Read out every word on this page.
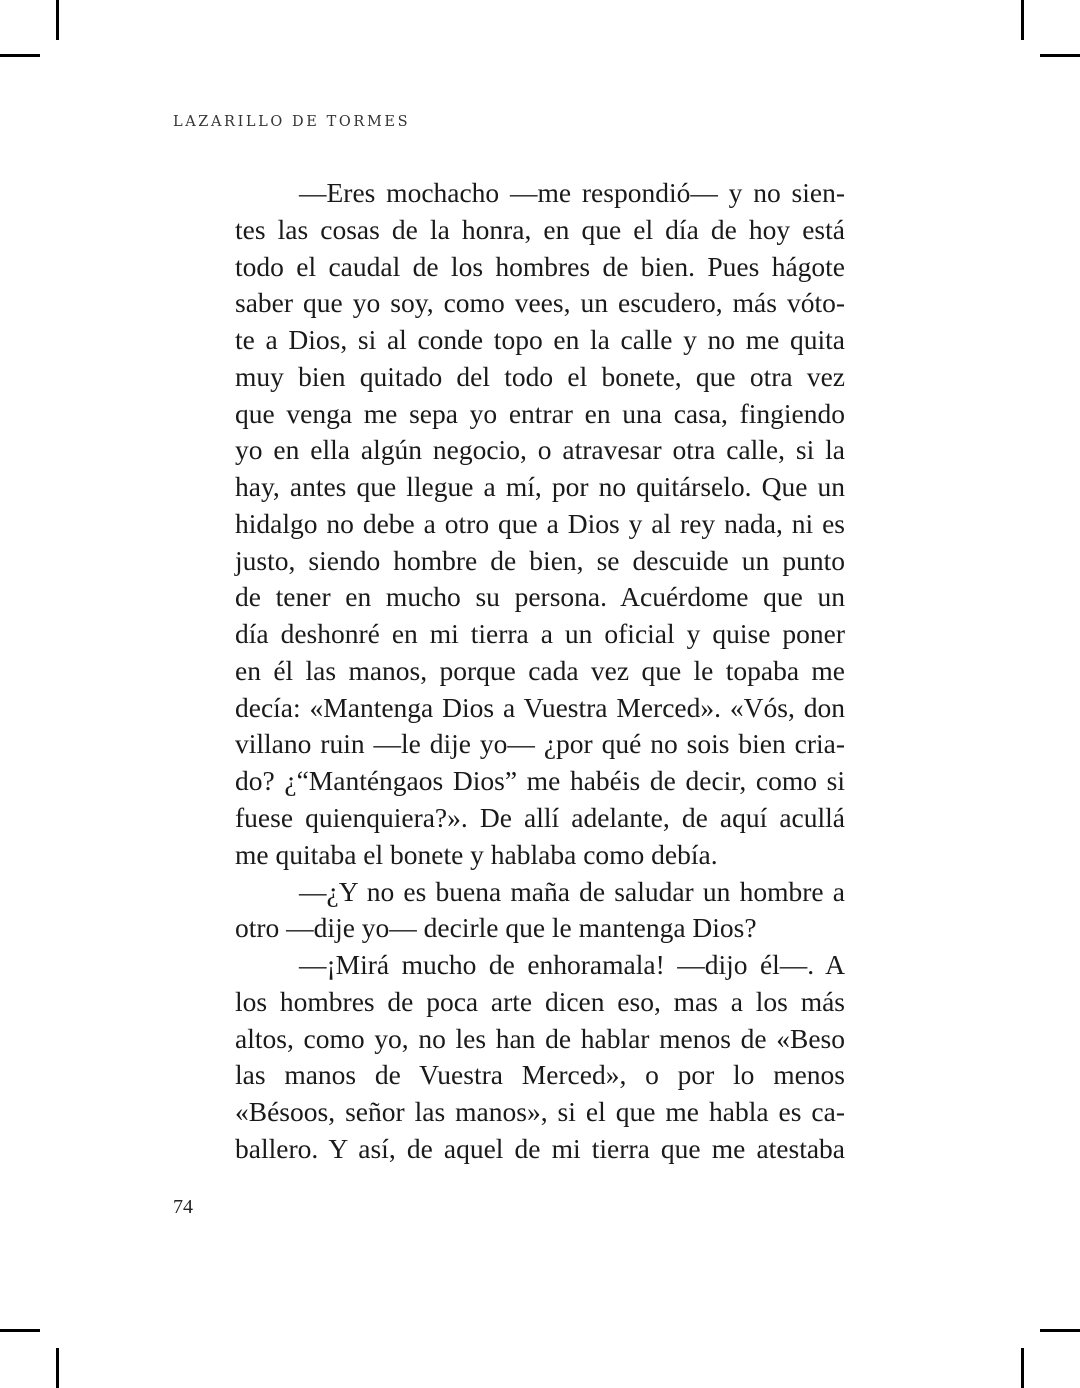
LAZARILLO DE TORMES
—Eres mochacho —me respondió— y no sien-
tes las cosas de la honra, en que el día de hoy está
todo el caudal de los hombres de bien. Pues hágote
saber que yo soy, como vees, un escudero, más vóto-
te a Dios, si al conde topo en la calle y no me quita
muy bien quitado del todo el bonete, que otra vez
que venga me sepa yo entrar en una casa, fingiendo
yo en ella algún negocio, o atravesar otra calle, si la
hay, antes que llegue a mí, por no quitárselo. Que un
hidalgo no debe a otro que a Dios y al rey nada, ni es
justo, siendo hombre de bien, se descuide un punto
de tener en mucho su persona. Acuérdome que un
día deshonré en mi tierra a un oficial y quise poner
en él las manos, porque cada vez que le topaba me
decía: «Mantenga Dios a Vuestra Merced». «Vós, don
villano ruin —le dije yo— ¿por qué no sois bien cria-
do? ¿“Manténgaos Dios” me habéis de decir, como si
fuese quienquiera?». De allí adelante, de aquí acullá
me quitaba el bonete y hablaba como debía.
—¿Y no es buena maña de saludar un hombre a
otro —dije yo— decirle que le mantenga Dios?
—¡Mirá mucho de enhoramala! —dijo él—. A
los hombres de poca arte dicen eso, mas a los más
altos, como yo, no les han de hablar menos de «Beso
las manos de Vuestra Merced», o por lo menos
«Bésoos, señor las manos», si el que me habla es ca-
ballero. Y así, de aquel de mi tierra que me atestaba
74
